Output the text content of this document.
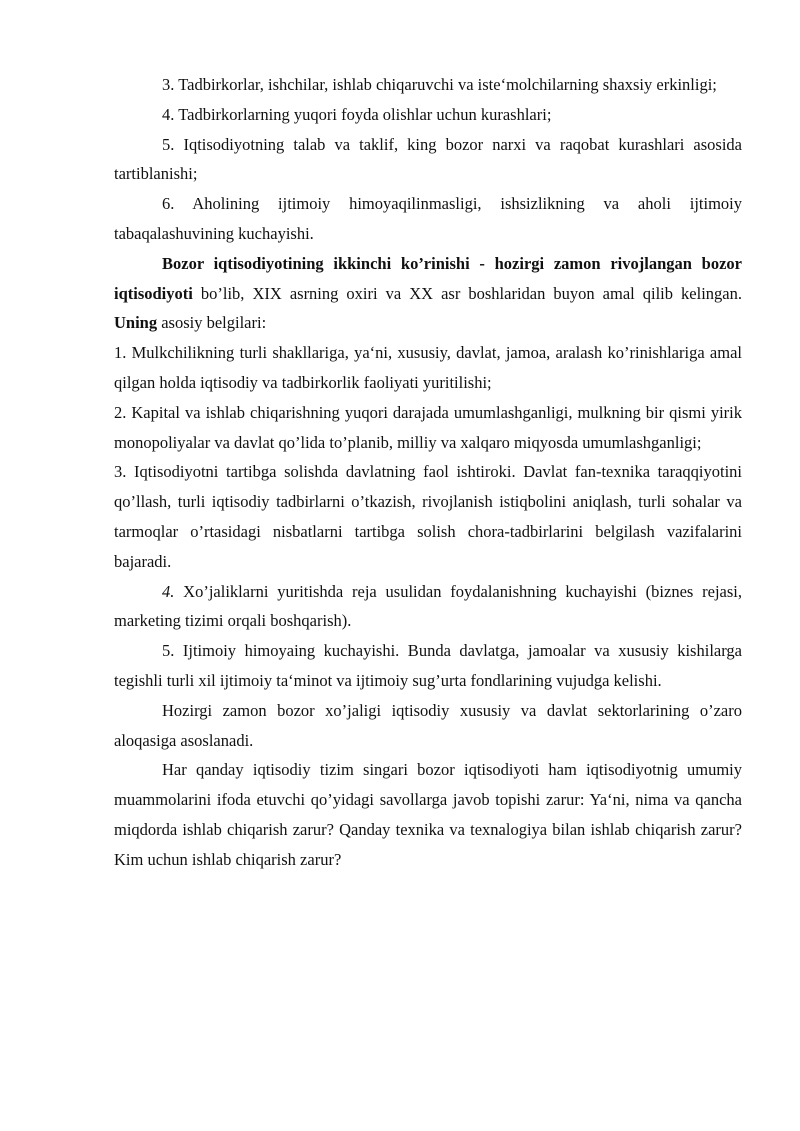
3. Tadbirkorlar, ishchilar, ishlab chiqaruvchi va iste‘molchilarning shaxsiy erkinligi;

4. Tadbirkorlarning yuqori foyda olishlar uchun kurashlari;

5. Iqtisodiyotning talab va taklif, king bozor narxi va raqobat kurashlari asosida tartiblanishi;

6. Aholining ijtimoiy himoyaqilinmasligi, ishsizlikning va aholi ijtimoiy tabaqalashuvining kuchayishi.

Bozor iqtisodiyotining ikkinchi ko’rinishi - hozirgi zamon rivojlangan bozor iqtisodiyoti bo’lib, XIX asrning oxiri va XX asr boshlaridan buyon amal qilib kelingan. Uning asosiy belgilari:

1. Mulkchilikning turli shakllariga, ya‘ni, xususiy, davlat, jamoa, aralash ko’rinishlariga amal qilgan holda iqtisodiy va tadbirkorlik faoliyati yuritilishi;

2. Kapital va ishlab chiqarishning yuqori darajada umumlashganligi, mulkning bir qismi yirik monopoliyalar va davlat qo’lida to’planib, milliy va xalqaro miqyosda umumlashganligi;

3. Iqtisodiyotni tartibga solishda davlatning faol ishtiroki. Davlat fan-texnika taraqqiyotini qo’llash, turli iqtisodiy tadbirlarni o’tkazish, rivojlanish istiqbolini aniqlash, turli sohalar va tarmoqlar o’rtasidagi nisbatlarni tartibga solish chora-tadbirlarini belgilash vazifalarini bajaradi.

4. Xo’jaliklarni yuritishda reja usulidan foydalanishning kuchayishi (biznes rejasi, marketing tizimi orqali boshqarish).

5. Ijtimoiy himoyaing kuchayishi. Bunda davlatga, jamoalar va xususiy kishilarga tegishli turli xil ijtimoiy ta‘minot va ijtimoiy sug’urta fondlarining vujudga kelishi.

Hozirgi zamon bozor xo’jaligi iqtisodiy xususiy va davlat sektorlarining o’zaro aloqasiga asoslanadi.

Har qanday iqtisodiy tizim singari bozor iqtisodiyoti ham iqtisodiyotnig umumiy muammolarini ifoda etuvchi qo’yidagi savollarga javob topishi zarur: Ya‘ni, nima va qancha miqdorda ishlab chiqarish zarur? Qanday texnika va texnalogiya bilan ishlab chiqarish zarur? Kim uchun ishlab chiqarish zarur?
